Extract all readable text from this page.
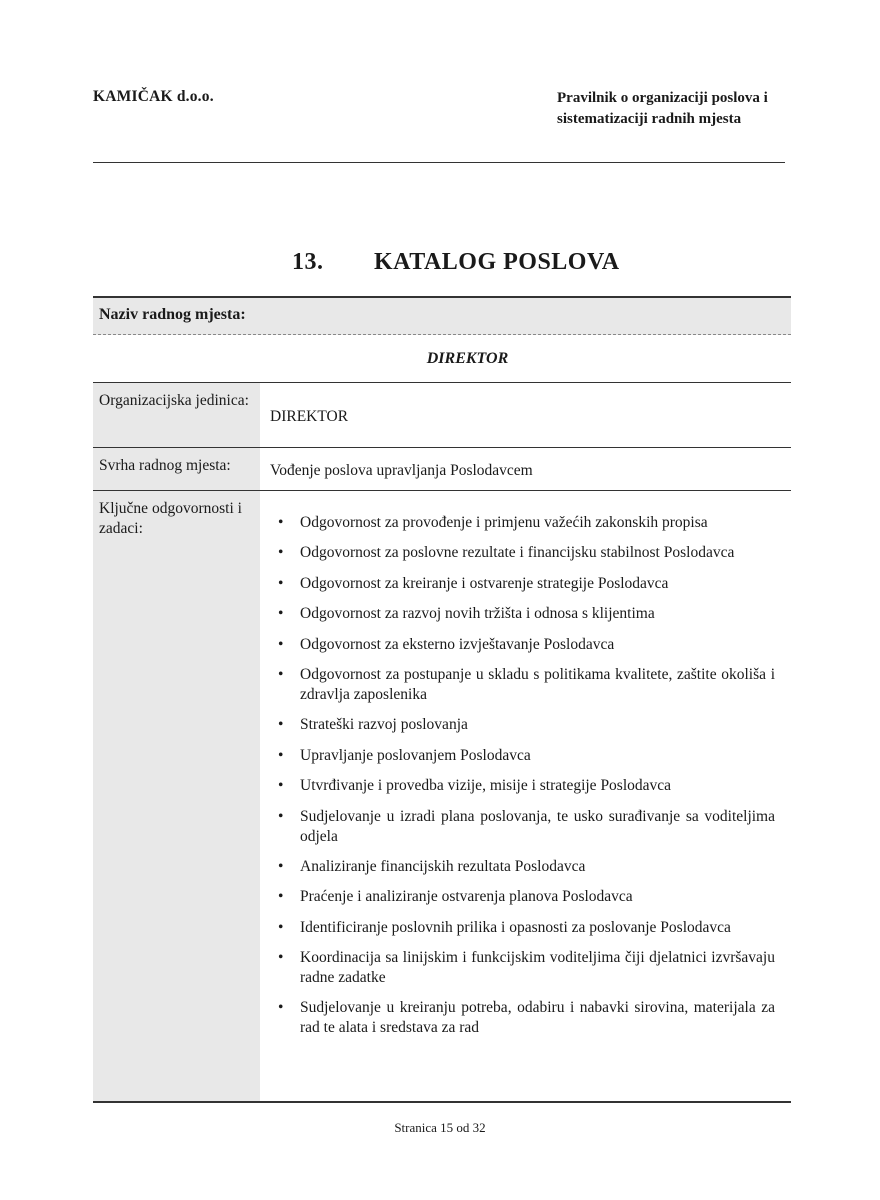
KAMIČAK d.o.o.	Pravilnik o organizaciji poslova i sistematizaciji radnih mjesta
13. KATALOG POSLOVA
Naziv radnog mjesta:
DIREKTOR
Organizacijska jedinica:
DIREKTOR
Svrha radnog mjesta:	Vođenje poslova upravljanja Poslodavcem
Ključne odgovornosti i zadaci:	• Odgovornost za provođenje i primjenu važećih zakonskih propisa
• Odgovornost za poslovne rezultate i financijsku stabilnost Poslodavca
• Odgovornost za kreiranje i ostvarenje strategije Poslodavca
• Odgovornost za razvoj novih tržišta i odnosa s klijentima
• Odgovornost za eksterno izvještavanje Poslodavca
• Odgovornost za postupanje u skladu s politikama kvalitete, zaštite okoliša i zdravlja zaposlenika
• Strateški razvoj poslovanja
• Upravljanje poslovanjem Poslodavca
• Utvrđivanje i provedba vizije, misije i strategije Poslodavca
• Sudjelovanje u izradi plana poslovanja, te usko surađivanje sa voditeljima odjela
• Analiziranje financijskih rezultata Poslodavca
• Praćenje i analiziranje ostvarenja planova Poslodavca
• Identificiranje poslovnih prilika i opasnosti za poslovanje Poslodavca
• Koordinacija sa linijskim i funkcijskim voditeljima čiji djelatnici izvršavaju radne zadatke
• Sudjelovanje u kreiranju potreba, odabiru i nabavki sirovina, materijala za rad te alata i sredstava za rad
Stranica 15 od 32
